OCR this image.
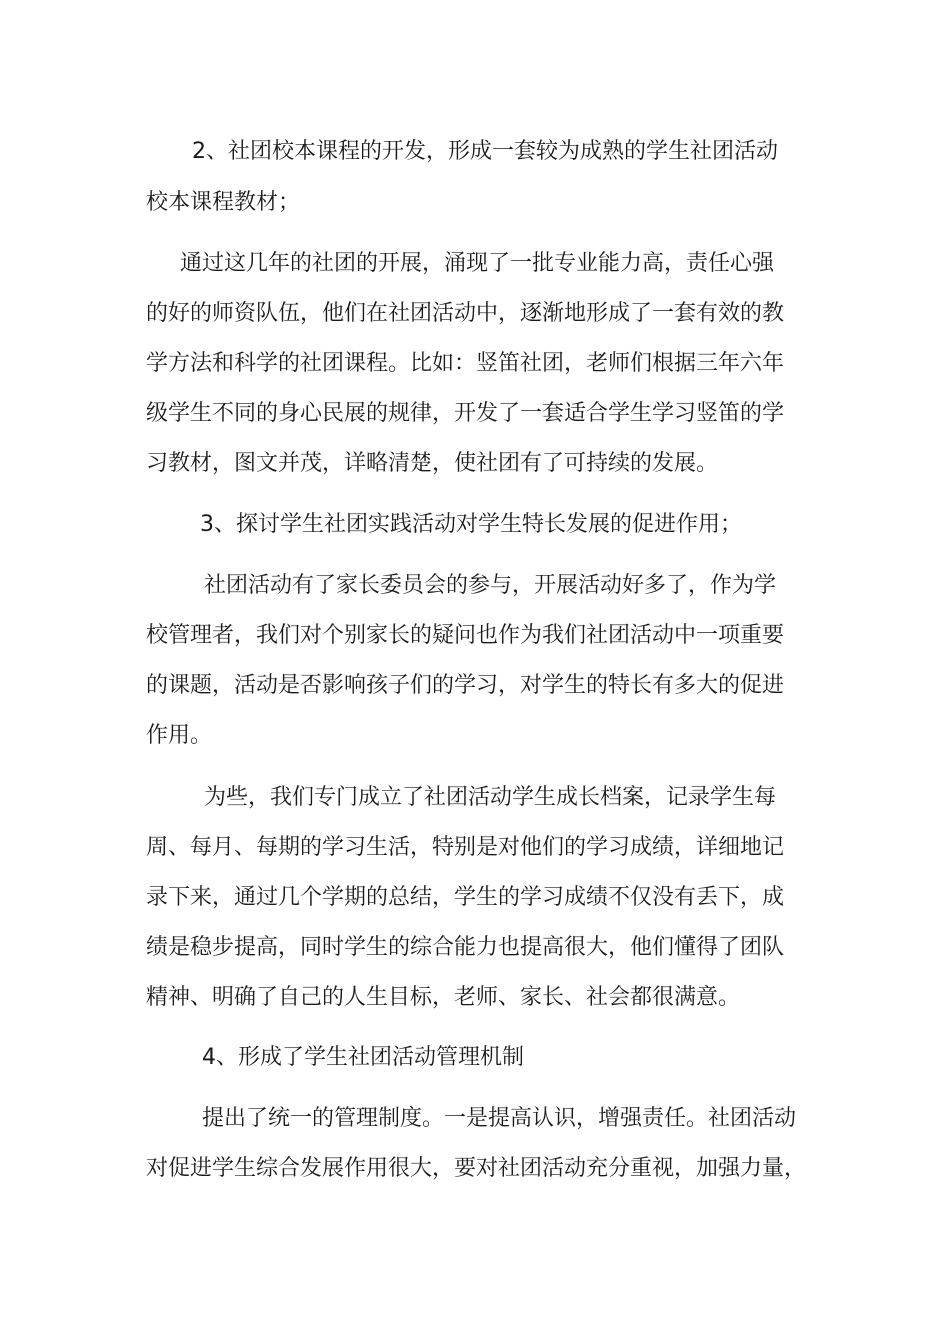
2、社团校本课程的开发，形成一套较为成熟的学生社团活动
校本课程教材；
通过这几年的社团的开展，涌现了一批专业能力高，责任心强
的好的师资队伍，他们在社团活动中，逐渐地形成了一套有效的教
学方法和科学的社团课程。比如：竖笛社团，老师们根据三年六年
级学生不同的身心民展的规律，开发了一套适合学生学习竖笛的学
习教材，图文并茂，详略清楚，使社团有了可持续的发展。
3、探讨学生社团实践活动对学生特长发展的促进作用；
社团活动有了家长委员会的参与，开展活动好多了，作为学
校管理者，我们对个别家长的疑问也作为我们社团活动中一项重要
的课题，活动是否影响孩子们的学习，对学生的特长有多大的促进
作用。
为些，我们专门成立了社团活动学生成长档案，记录学生每
周、每月、每期的学习生活，特别是对他们的学习成绩，详细地记
录下来，通过几个学期的总结，学生的学习成绩不仅没有丢下，成
绩是稳步提高，同时学生的综合能力也提高很大，他们懂得了团队
精神、明确了自己的人生目标，老师、家长、社会都很满意。
4、形成了学生社团活动管理机制
提出了统一的管理制度。一是提高认识，增强责任。社团活动
对促进学生综合发展作用很大，要对社团活动充分重视，加强力量，
